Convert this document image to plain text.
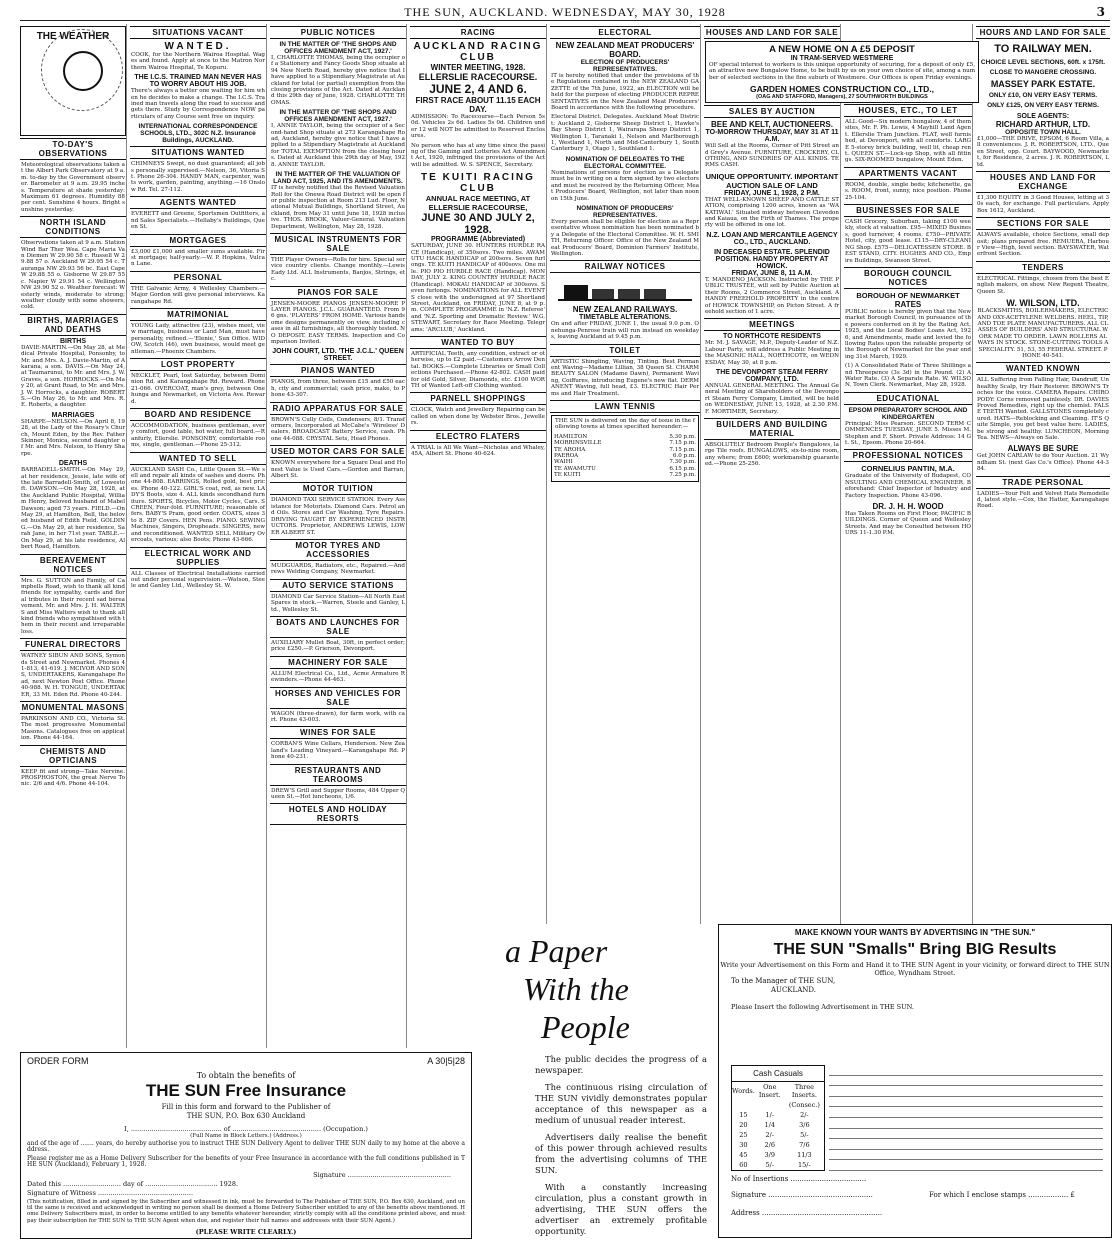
THE SUN, AUCKLAND. WEDNESDAY, MAY 30, 1928	3
THE WEATHER
TO-DAY'S OBSERVATIONS
Meteorological observations taken at the Albert Park Observatory at 9 a.m. to-day by the Government observer. Barometer at 9 a.m. 29.95 inches. Temperature at shade yesterday: Maximum 61 degrees. Humidity 88 per cent. Sunshine 4 hours. Bright sunshine yesterday.
NORTH ISLAND CONDITIONS
Observations taken at 9 a.m. Station Wind Bar Ther Wea. Cape Maria Van Diemen W 29.90 58 c. Russell W 29.88 57 o. Auckland W 29.95 54 c. Tauranga NW 29.93 56 bc. East Cape W 29.88 55 o. Gisborne W 29.87 55 c. Napier W 29.91 54 c. Wellington NW 29.90 52 o. Weather forecast: Westerly winds, moderate to strong; weather cloudy with some showers, cold.
BIRTHS, MARRIAGES AND DEATHS
BIRTHS
DAVIE-MARTIN.—On May 28, at Medical Private Hospital, Ponsonby, to Mr. and Mrs. A. J. Davie-Martin, of Akarana, a son. DAVIS.—On May 24, at Taumarunui, to Mr. and Mrs. J. W. Graves, a son. HORROCKS.—On May 20, at Grant Road, to Mr. and Mrs. J. W. Horrocks, a daughter. ROBERTS.—On May 26, to Mr. and Mrs. R. E. Roberts, a daughter.
MARRIAGES
SHARPE—NELSON.—On April 8, 1928, at the Lady of the Rosary's Church, Mount Eden, by the Rev. Father Skinner, Monica, second daughter of Mr. and Mrs. Nelson, to Henry Sharpe.
DEATHS
BARRADELL-SMITH.—On May 29, at her residence, Jessie, late wife of the late Barradell-Smith, of Lowestoft. DAWSON.—On May 28, 1928, at the Auckland Public Hospital, William Henry, beloved husband of Mabel Dawson; aged 73 years. FIELD.—On May 29, at Hamilton, Bell, the beloved husband of Edith Field. GOLDING.—On May 29, at her residence, Sarah Jane, in her 71st year. TABLE.—On May 29, at his late residence, Albert Road, Hamilton.
BEREAVEMENT NOTICES
Mrs. G. SUTTON and Family, of Campbells Road, wish to thank all kind friends for sympathy, cards and floral tributes in their recent sad bereavement. Mr. and Mrs. J. H. WALTERS and Miss Walters wish to thank all kind friends who sympathised with them in their recent and irreparable loss.
FUNERAL DIRECTORS
WATNEY SIBUN AND SONS, Symonds Street and Newmarket. Phones 41-813, 41-619. J. MCIVOR AND SONS, UNDERTAKERS, Karangahape Road, next Newton Post Office. Phone 40-988. W. H. TONGUE, UNDERTAKER, 33 Mt. Eden Rd. Phone 40-244.
MONUMENTAL MASONS
PARKINSON AND CO., Victoria St. The most progressive Monumental Masons. Catalogues free on application. Phone 44-164.
CHEMISTS AND OPTICIANS
KEEP fit and strong—Take Nervine. PROSPHOSTON, the great Nerve Tonic. 2/6 and 4/6. Phone 44-104.
SITUATIONS VACANT
WANTED.
COOK, for the Northern Wairoa Hospital. Wages and found. Apply at once to the Matron Northern Wairoa Hospital, Te Kopuru.
THE I.C.S. TRAINED MAN NEVER HAS TO WORRY ABOUT HIS JOB.
There's always a better one waiting for him when he decides to make a change. The I.C.S. Trained man travels along the road to success and gets there. Study by Correspondence NOW particulars of any Course sent free on inquiry.
INTERNATIONAL CORRESPONDENCE SCHOOLS, LTD., 302C N.Z. Insurance Buildings, AUCKLAND.
SITUATIONS WANTED
CHIMNEYS Swept, no dust guaranteed; all jobs personally supervised.—Nelson, 36, Vitoria St. Phone 26-304. HANDY MAN, carpenter, wants work, garden, painting, anything.—16 Onslow Rd. Tel. 27-112.
AGENTS WANTED
EVERETT and Greene, Sportsmen Outfitters, and Sales Specialists.—Hellaby's Buildings, Queen St.
MORTGAGES
£3,000 £1,000 and smaller sums available. First mortgage; half-yearly.—W. P. Hopkins, Vulcan Lane.
PERSONAL
THE Galvanic Army, 4 Wellesley Chambers.—Major Gordon will give personal interviews. Karangahape Rd.
MATRIMONIAL
YOUNG Lady, attractive (23), wishes meet, view marriage, business or Land Man, must have personality, refined.—'Elenie,' Sun Office. WIDOW, Scotch (46), own business, would meet gentleman.—Phoenix Chambers.
LOST PROPERTY
NECKLET, Pearl, lost Saturday, between Dominion Rd. and Karangahape Rd. Reward. Phone 21-066. OVERCOAT, man's grey, between Onehunga and Newmarket, on Victoria Ave. Reward.
BOARD AND RESIDENCE
ACCOMMODATION, business gentleman, every comfort, good table, hot water, full board.—Ranfurly, Ellerslie. PONSONBY, comfortable rooms, single, gentleman.—Phone 25-312.
WANTED TO SELL
AUCKLAND SASH Co., Little Queen St.—We sell and repair all kinds of sashes and doors. Phone 44-808. EARRINGS, Rolled gold, best prices. Phone 40-122. GIRL'S coat, red, as new. LADY'S Boots, size 4. ALL kinds secondhand furniture. SPORTS, Bicycles, Motor Cycles, Cars. SCREEN, Four-fold. FURNITURE; reasonable offers. BABY'S Pram, good order. COATS, sizes 3 to 8. ZIP Covers. HEN Pens. PIANO. SEWING Machines, Singers, Dropheads. SINGERS, new and reconditioned. WANTED SELL Military Overcoats, various; also Boots; Phone 43-666.
ELECTRICAL WORK AND SUPPLIES
ALL Classes of Electrical Installations carried out under personal supervision.—Watson, Steele and Ganley Ltd., Wellesley St. W.
PUBLIC NOTICES
IN THE MATTER OF 'THE SHOPS AND OFFICES AMENDMENT ACT, 1927.'
I, CHARLOTTE THOMAS, being the occupier of a Stationery and Fancy Goods Shop situate at 94 New North Road, hereby give notice that I have applied to a Stipendiary Magistrate at Auckland for total (or partial) exemption from the closing provisions of the Act. Dated at Auckland this 29th day of June, 1928. CHARLOTTE THOMAS.
IN THE MATTER OF 'THE SHOPS AND OFFICES AMENDMENT ACT, 1927.'
I, ANNIE TAYLOR, being the occupier of a Second-hand Shop situate at 273 Karangahape Road, Auckland, hereby give notice that I have applied to a Stipendiary Magistrate at Auckland for TOTAL EXEMPTION from the closing hours. Dated at Auckland this 29th day of May, 1928. ANNIE TAYLOR.
IN THE MATTER OF THE VALUATION OF LAND ACT, 1925, AND ITS AMENDMENTS.
IT is hereby notified that the Revised Valuation Roll for the Onewa Road District will be open for public inspection at Room 213 Lud. Floor, National Mutual Buildings, Shortland Street, Auckland, from May 31 until June 18, 1928 inclusive. THOS. BROOK, Valuer-General. Valuation Department, Wellington, May 28, 1928.
MUSICAL INSTRUMENTS FOR SALE
THE Player Owners—Rolls for hire. Special service country clients. Change monthly.—Lewis Eady Ltd. ALL Instruments, Banjos, Strings, etc.
PIANOS FOR SALE
JENSEN-MOORE PIANOS JENSEN-MOORE PLAYER PIANOS. J.C.L. GUARANTEED. From 96 gns. 'PLAYERS' FROM HOME. Various handsome designs permanently on view, including cases in all furnishings, all thoroughly tested. NO DEPOSIT. EASY TERMS. Inspection and Comparison Invited.
JOHN COURT, LTD. 'THE J.C.L.' QUEEN STREET.
PIANOS WANTED
PIANOS, from three, between £15 and £50 each, city and commercial; cash price, make, to Phone 43-307.
RADIO APPARATUS FOR SALE
BROWN'S Cully Coils, Condensers, 8/1. Transformers, Incorporated at McCabe's 'Wireless' Dealers. BROADCAST Battery Service, cash. Phone 44-088. CRYSTAL Sets, Head Phones.
USED MOTOR CARS FOR SALE
KNOWN everywhere for a Square Deal and Honest Value is Used Cars.—Gordon and Barran, Albert St.
MOTOR TUITION
DIAMOND TAXI SERVICE STATION. Every Assistance for Motorists. Diamond Cars. Petrol and Oils. Stores and Car Washing. Tyre Repairs. DRIVING TAUGHT BY EXPERIENCED INSTRUCTORS. Proprietor, ANDREWS LEWIS, LOWER ALBERT ST.
MOTOR TYRES AND ACCESSORIES
MUDGUARDS, Radiators, etc., Repaired.—Andrews Welding Company, Newmarket.
AUTO SERVICE STATIONS
DIAMOND Car Service Station—All North East Spares in stock.—Warren, Steele and Ganley, Ltd., Wellesley St.
BOATS AND LAUNCHES FOR SALE
AUXILIARY Mullet Boat, 30ft, in perfect order; price £250.—P. Grierson, Devonport.
MACHINERY FOR SALE
ALLUM Electrical Co., Ltd., Acme Armature Rewinders.—Phone 44-463.
HORSES AND VEHICLES FOR SALE
WAGON (three-drawn), for farm work, with cart. Phone 43-003.
WINES FOR SALE
CORBAN'S Wine Cellars, Henderson. New Zealand's Leading Vineyard.—Karangahape Rd. Phone 40-231.
RESTAURANTS AND TEAROOMS
DREW'S Grill and Supper Rooms, 484 Upper Queen St.—Hot luncheons, 1/6.
HOTELS AND HOLIDAY RESORTS
RACING
AUCKLAND RACING CLUB
WINTER MEETING, 1928.
ELLERSLIE RACECOURSE.
JUNE 2, 4 AND 6.
FIRST RACE ABOUT 11.15 EACH DAY.
ADMISSION: To Racecourse—Each Person 5s 0d. Vehicles 2s 6d. Ladies 5s 0d. Children under 12 will NOT be admitted to Reserved Enclosures.
No person who has at any time since the passing of the Gaming and Lotteries Act Amendment Act, 1920, infringed the provisions of the Act will be admitted. W. S. SPENCE, Secretary.
TE KUITI RACING CLUB
ANNUAL RACE MEETING, AT ELLERSLIE RACECOURSE,
JUNE 30 AND JULY 2, 1928.
PROGRAMME (Abbreviated)
SATURDAY, JUNE 30. HUNTERS HURDLE RACE (Handicap), of 350sovs. Two miles. AWAMUTU HACK HANDICAP of 200sovs. Seven furlongs. TE KUITI HANDICAP of 400sovs. One mile. PIO PIO HURDLE RACE (Handicap). MONDAY, JULY 2. KING COUNTRY HURDLE RACE (Handicap). MOKAU HANDICAP of 300sovs. Seven furlongs. NOMINATIONS for ALL EVENTS close with the undersigned at 97 Shortland Street, Auckland, on FRIDAY, JUNE 8, at 9 p.m. COMPLETE PROGRAMME in 'N.Z. Referee' and 'N.Z. Sporting and Dramatic Review.' W.G. STEWART, Secretary for Race Meeting. Telegrams: 'ARCLUB,' Auckland.
WANTED TO BUY
ARTIFICIAL Teeth, any condition, extract or otherwise, up to £2 paid.—Customers Arrow Dental. BOOKS.—Complete Libraries or Small Collections Purchased.—Phone 42-802. CASH paid for old Gold, Silver, Diamonds, etc. £100 WORTH of Wanted Left-off Clothing wanted.
PARNELL SHOPPINGS
CLOCK, Watch and Jewellery Repairing can be called on when done by Webster Bros., Jewellers.
ELECTRO FLATERS
A TRIAL is All We Want—Nicholas and Whaley, 45A, Albert St. Phone 40-624.
ELECTORAL
NEW ZEALAND MEAT PRODUCERS' BOARD.
ELECTION OF PRODUCERS' REPRESENTATIVES.
IT is hereby notified that under the provisions of the Regulations contained in the NEW ZEALAND GAZETTE of the 7th June, 1922, an ELECTION will be held for the purpose of electing PRODUCER REPRESENTATIVES on the New Zealand Meat Producers' Board in accordance with the following procedure.
Electoral District. Delegates. Auckland Meat District: Auckland 2, Gisborne Sheep District 1, Hawke's Bay Sheep District 1, Wairarapa Sheep District 1, Wellington 1, Taranaki 1, Nelson and Marlborough 1, Westland 1, North and Mid-Canterbury 1, South Canterbury 1, Otago 1, Southland 1.
NOMINATION OF DELEGATES TO THE ELECTORAL COMMITTEE.
Nominations of persons for election as a Delegate must be in writing on a form signed by two electors and must be received by the Returning Officer, Meat Producers' Board, Wellington, not later than noon on 15th June.
NOMINATION OF PRODUCERS' REPRESENTATIVES.
Every person shall be eligible for election as a Representative whose nomination has been nominated by a Delegate of the Electoral Committee. W. H. SMITH, Returning Officer. Office of the New Zealand Meat Producers' Board, Dominion Farmers' Institute, Wellington.
RAILWAY NOTICES
NEW ZEALAND RAILWAYS.
TIMETABLE ALTERATIONS.
On and after FRIDAY, JUNE 1, the usual 9.0 p.m. Onehunga-Penrose train will run instead on weekdays, leaving Auckland at 9.45 p.m.
TOILET
ARTISTIC Shingling, Waving, Tinting. Best Permanent Waving—Madame Lillian, 38 Queen St. CHARM BEAUTY SALON (Madame Dawn), Permanent Waving, Coiffures, introducing Eugene's new flat. DERMANENT Waving, full head, £3. ELECTRIC Hair Perms and Hair Treatment.
LAWN TENNIS
THE SUN is delivered on the day of issue in the following towns at times specified hereunder:—
HAMILTON	5.30 p.m.
MORRINSVILLE	7.15 p.m.
TE AROHA	7.15 p.m.
PAEROA	6.0 p.m.
WAIHI	7.30 p.m.
TE AWAMUTU	6.15 p.m.
TE KUITI	7.25 p.m.
HOUSES AND LAND FOR SALE
A NEW HOME ON A £5 DEPOSIT
IN TRAM-SERVED WESTMERE
OF special interest to workers is this unique opportunity of securing, for a deposit of only £5, an attractive new Bungalow Home, to be built by us on your own choice of site, among a number of selected sections in the fine suburb of Westmere. Our Offices is open Friday evenings.
GARDEN HOMES CONSTRUCTION CO., LTD.,
(OAG AND STAFFORD, Managers), 27 SOUTHWORTH BUILDINGS
SALES BY AUCTION
BEE AND KELT, AUCTIONEERS.
TO-MORROW THURSDAY, MAY 31 AT 11 A.M.
Will Sell at the Rooms, Corner of Pitt Street and Grey's Avenue. FURNITURE, CROCKERY, CLOTHING, AND SUNDRIES OF ALL KINDS. TERMS CASH.
UNIQUE OPPORTUNITY. IMPORTANT AUCTION SALE OF LAND
FRIDAY, JUNE 1, 1928, 2 P.M.
THAT WELL-KNOWN SHEEP AND CATTLE STATION, comprising 1200 acres, known as 'WAKATIWAI.' Situated midway between Clevedon and Kaiaua, on the Firth of Thames. The property will be offered in one lot.
N.Z. LOAN AND MERCANTILE AGENCY CO., LTD., AUCKLAND.
IN DECEASED ESTATE. SPLENDID POSITION. HANDY PROPERTY AT HOWICK.
FRIDAY, JUNE 8, 11 A.M.
T. MANDENO JACKSON. Instructed by THE PUBLIC TRUSTEE, will sell by Public Auction at their Rooms, 2 Commerce Street, Auckland. A HANDY FREEHOLD PROPERTY in the centre of HOWICK TOWNSHIP, on Picton Street. A freehold section of 1 acre.
MEETINGS
TO NORTHCOTE RESIDENTS
Mr. M. J. SAVAGE, M.P., Deputy-Leader of N.Z. Labour Party, will address a Public Meeting in the MASONIC HALL, NORTHCOTE, on WEDNESDAY, May 30, at 8 p.m.
THE DEVONPORT STEAM FERRY COMPANY, LTD.
ANNUAL GENERAL MEETING. The Annual General Meeting of Shareholders of the Devonport Steam Ferry Company, Limited, will be held on WEDNESDAY, JUNE 13, 1928, at 2.30 P.M. F. MORTIMER, Secretary.
BUILDERS AND BUILDING MATERIAL
ABSOLUTELY Bedroom People's Bungalows, large Tile roofs. BUNGALOWS, six-to-nine room, any where; from £600; workmanship guaranteed.—Phone 25-256.
HOUSES, ETC., TO LET
ALL Good—Six modern bungalow, 4 of them sites, Mr. F. Ph. Lewis, 4 Mayhill Land Agent. Ellerslie Tram Junction. FLAT, well furnished, at Devonport, with all comforts. LARGE 5-storey brick building, well lit, cheap rent. QUEEN ST.—Lock-up Shop, with all fittings. SIX-ROOMED bungalow, Mount Eden.
APARTMENTS VACANT
ROOM, double, single beds; kitchenette, gas. ROOM, front, sunny, nice position. Phone 25-104.
BUSINESSES FOR SALE
CASH Grocery, Suburban, taking £100 weekly, stock at valuation. £95—MIXED Business, good turnover, 4 rooms. £750—PRIVATE Hotel, city, good lease. £115—DRY-CLEANING Shop. £575—DELICATESSEN STORE. BEST STAND, CITY. HUGHES AND CO., Empire Buildings, Swanson Street.
BOROUGH COUNCIL NOTICES
BOROUGH OF NEWMARKET
RATES
PUBLIC notice is hereby given that the Newmarket Borough Council, in pursuance of the powers conferred on it by the Rating Act, 1925, and the Local Bodies' Loans Act, 1926, and Amendments, made and levied the following Rates upon the rateable property of the Borough of Newmarket for the year ending 31st March, 1929.
(1) A Consolidated Rate of Three Shillings and Threepence (3s 3d) in the Pound. (2) A Water Rate. (3) A Separate Rate. W. WILSON, Town Clerk. Newmarket, May 28, 1928.
EDUCATIONAL
EPSOM PREPARATORY SCHOOL AND KINDERGARTEN
Principal: Miss Pearson. SECOND TERM COMMENCES TUESDAY, JUNE 5. Misses M. Stephen and F. Short. Private Address: 14 Gt. St., Epsom. Phone 20-664.
PROFESSIONAL NOTICES
CORNELIUS PANTIN, M.A.
Graduate of the University of Budapest, CONSULTING AND CHEMICAL ENGINEER. Beforehand: Chief Inspector of Industry and Factory Inspection. Phone 43-096.
DR. J. H. H. WOOD
Has Taken Rooms on First Floor, PACIFIC BUILDINGS. Corner of Queen and Wellesley Streets. And may be Consulted between HOURS 11-1.30 P.M.
HOURS AND LAND FOR SALE
TO RAILWAY MEN.
CHOICE LEVEL SECTIONS, 60ft. x 175ft.
CLOSE TO MANGERE CROSSING.
MASSEY PARK ESTATE.
ONLY £10, ON VERY EASY TERMS.
ONLY £125, ON VERY EASY TERMS.
SOLE AGENTS:
RICHARD ARTHUR, LTD.
OPPOSITE TOWN HALL.
£1,000—THE DRIVE, EPSOM, 6 Room Villa, all conveniences. J. R. ROBERTSON, LTD., Queen Street, opp. Court. BAYWOOD, Newmarket, for Residence, 2 acres. J. R. ROBERTSON, Ltd.
HOUSES AND LAND FOR EXCHANGE
£1,300 EQUITY in 3 Good Houses, letting at 30s each, for exchange. Full particulars. Apply Box 1612, Auckland.
SECTIONS FOR SALE
ALWAYS available, choice Sections, small deposit; plans prepared free. REMUERA, Harbour View—High, level section. BAYSWATER, Waterfront Section.
TENDERS
ELECTRICAL Fittings, chosen from the best English makers, on show. New Regent Theatre, Queen St.
W. WILSON, LTD.
BLACKSMITHS, BOILERMAKERS, ELECTRIC AND OXY-ACETYLENE WELDERS. HEEL, TIP, AND TOE PLATE MANUFACTURERS. ALL CLASSES OF BUILDERS' AND STRUCTURAL WORK MADE TO ORDER. LAWN ROLLERS ALWAYS IN STOCK. STONE-CUTTING TOOLS A SPECIALITY. 51, 53, 55 FEDERAL STREET. PHONE 40-541.
WANTED KNOWN
ALL Suffering from Falling Hair, Dandruff, Unhealthy Scalp, try Hair Restorer. BROWN'S Troches for the voice. CAMERA Repairs. CHIROPODY: Corns removed painlessly. DR. DAVIES Proved Remedies, right up the chemist. FALSE TEETH Wanted. GALLSTONES completely cured. HATS—Reblocking and Cleaning. IT'S Quite Simple, you get best value here. LADIES, be strong and healthy. LUNCHEON, Morning Tea. NEWS—Always on Sale.
ALWAYS BE SURE
Get JOHN CARLAW to do Your Auction. 21 Wyndham St. (next Gas Co.'s Office). Phone 44-384.
TRADE PERSONAL
LADIES—Your Felt and Velvet Hats Remodelled, latest style.—Cox, the Hatter, Karangahape Road.
ORDER FORM	A 30|5|28
To obtain the benefits of
THE SUN Free Insurance
Fill in this form and forward to the Publisher of
THE SUN, P.O. Box 630 Auckland
I, ............................................ of ........................................... (Occupation.)
(Full Name in Block Letters.) (Address.)
and of the age of ....... years, do hereby authorise you to instruct THE SUN Delivery Agent to deliver THE SUN daily to my home at the above address.
Please register me as a Home Delivery Subscriber for the benefits of your Free Insurance in accordance with the full conditions published in THE SUN (Auckland), February 1, 1928.
Signature ..................................................
Dated this ............................ day of ................................... 1928.
Signature of Witness ..............................................
(This notification, filled in and signed by the Subscriber and witnessed in ink, must be forwarded to The Publisher of THE SUN, P.O. Box 630, Auckland, and until the same is received and acknowledged in writing no person shall be deemed a Home Delivery Subscriber entitled to any of the benefits above mentioned. Home Delivery Subscribers must, in order to become entitled to any benefits whatever hereunder, strictly comply with all the conditions printed above, and must pay their subscription for THE SUN to THE SUN Agent when due, and register their full names and addresses with their SUN Agent.)
(PLEASE WRITE CLEARLY.)
a Paper
With the
People

The public decides the progress of a newspaper.

The continuous rising circulation of THE SUN vividly demonstrates popular acceptance of this newspaper as a medium of unusual reader interest.

Advertisers daily realise the benefit of this power through achieved results from the advertising columns of THE SUN.

With a constantly increasing circulation, plus a constant growth in advertising, THE SUN offers the advertiser an extremely profitable opportunity.

MAKE KNOWN YOUR WANTS BY ADVERTISING IN "THE SUN."
THE SUN "Smalls" Bring BIG Results
Write your Advertisement on this Form and Hand it to THE SUN Agent in your vicinity, or forward direct to THE SUN Office, Wyndham Street.
To the Manager of THE SUN,
AUCKLAND.
Please Insert the following Advertisement in THE SUN.
Cash Casuals
Words.	One Insert.	Three Inserts.
		(Consec.)
15	1/-	2/-
20	1/4	3/6
25	2/-	5/-
30	2/6	7/6
45	3/9	11/3
60	5/-	15/-
No of Insertions ..................................
Signature ...............................................	For which I enclose stamps .................. £
Address ......................................................
